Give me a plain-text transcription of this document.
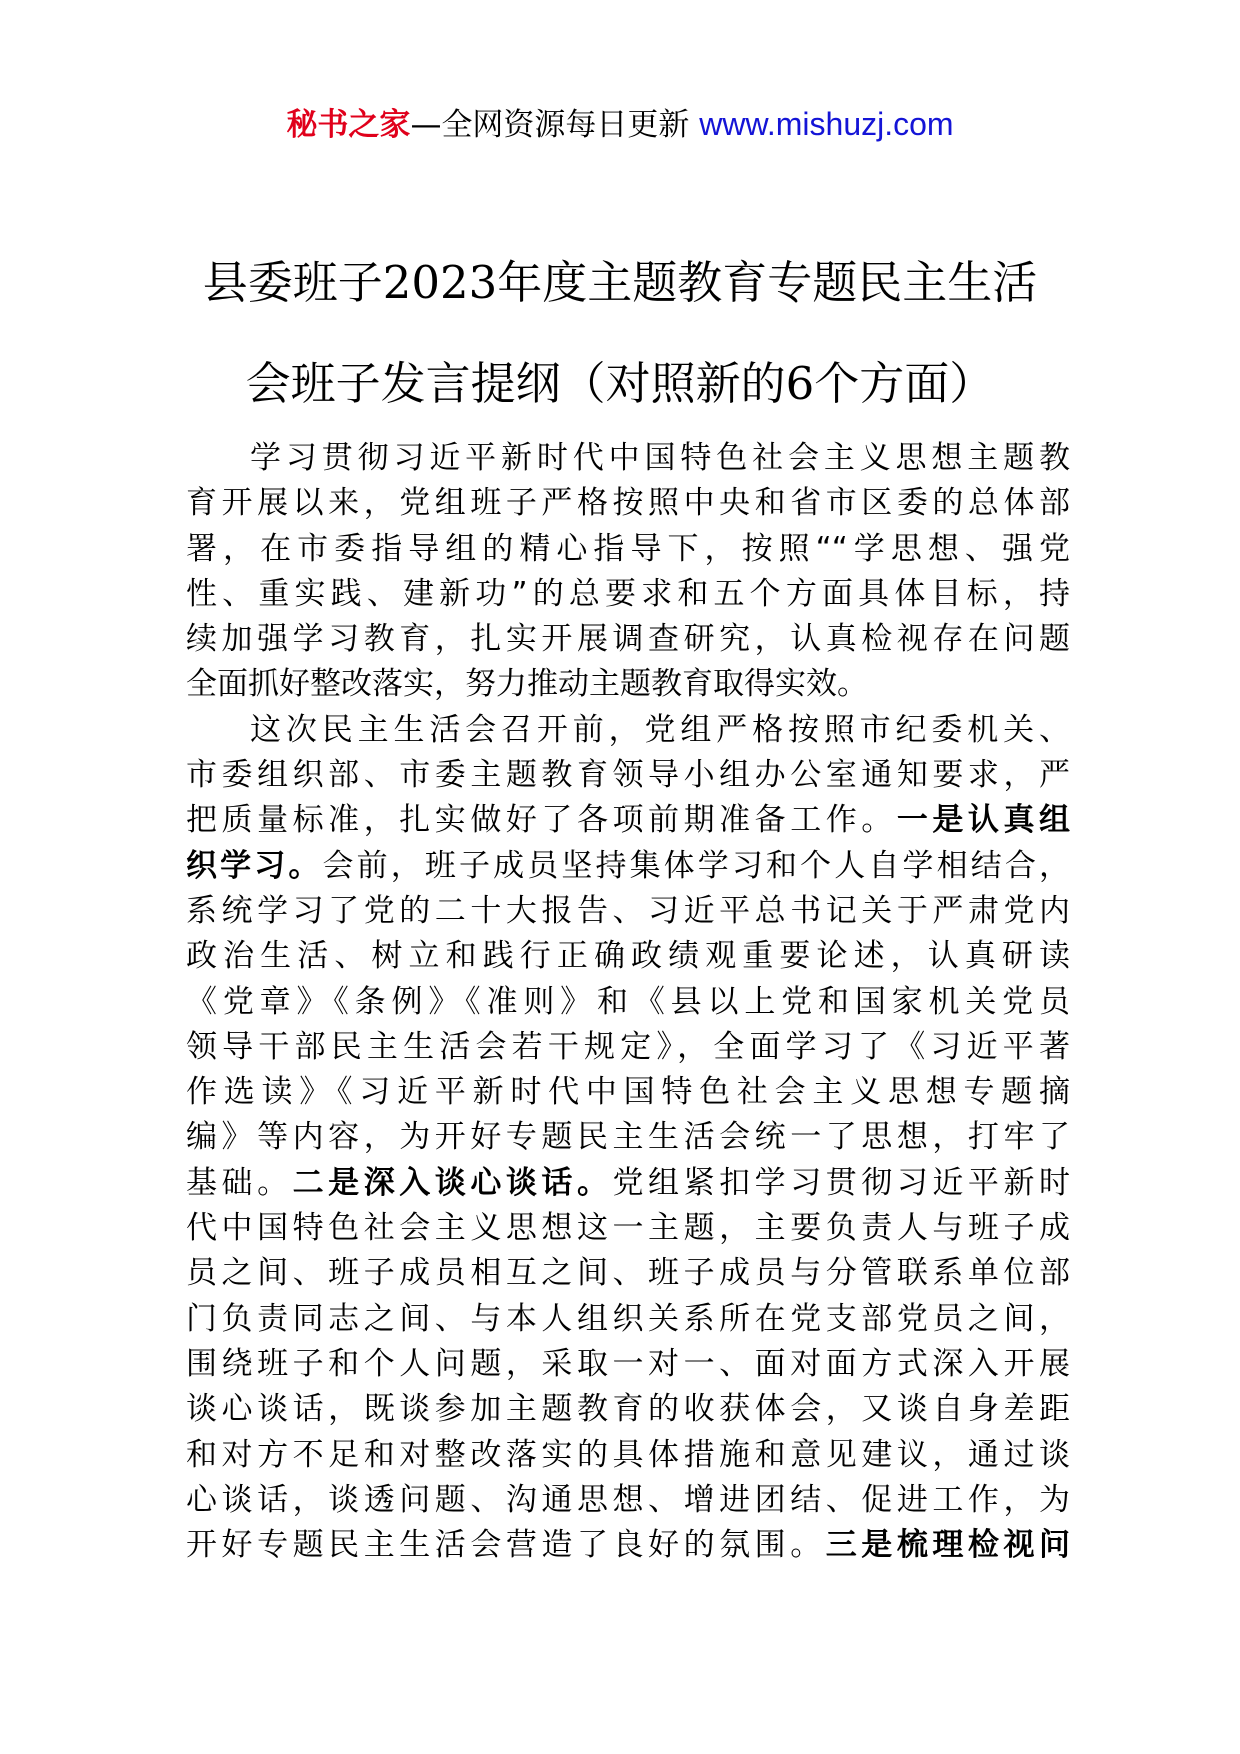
秘书之家—全网资源每日更新 www.mishuzj.com
县委班子2023年度主题教育专题民主生活
会班子发言提纲（对照新的6个方面）
学习贯彻习近平新时代中国特色社会主义思想主题教
育开展以来，党组班子严格按照中央和省市区委的总体部
署，在市委指导组的精心指导下，按照““学思想、强党
性、重实践、建新功”的总要求和五个方面具体目标，持
续加强学习教育，扎实开展调查研究，认真检视存在问题
全面抓好整改落实，努力推动主题教育取得实效。
这次民主生活会召开前，党组严格按照市纪委机关、
市委组织部、市委主题教育领导小组办公室通知要求，严
把质量标准，扎实做好了各项前期准备工作。一是认真组
织学习。会前，班子成员坚持集体学习和个人自学相结合，
系统学习了党的二十大报告、习近平总书记关于严肃党内
政治生活、树立和践行正确政绩观重要论述，认真研读
《党章》《条例》《准则》和《县以上党和国家机关党员
领导干部民主生活会若干规定》，全面学习了《习近平著
作选读》《习近平新时代中国特色社会主义思想专题摘
编》等内容，为开好专题民主生活会统一了思想，打牢了
基础。二是深入谈心谈话。党组紧扣学习贯彻习近平新时
代中国特色社会主义思想这一主题，主要负责人与班子成
员之间、班子成员相互之间、班子成员与分管联系单位部
门负责同志之间、与本人组织关系所在党支部党员之间，
围绕班子和个人问题，采取一对一、面对面方式深入开展
谈心谈话，既谈参加主题教育的收获体会，又谈自身差距
和对方不足和对整改落实的具体措施和意见建议，通过谈
心谈话，谈透问题、沟通思想、增进团结、促进工作，为
开好专题民主生活会营造了良好的氛围。三是梳理检视问
